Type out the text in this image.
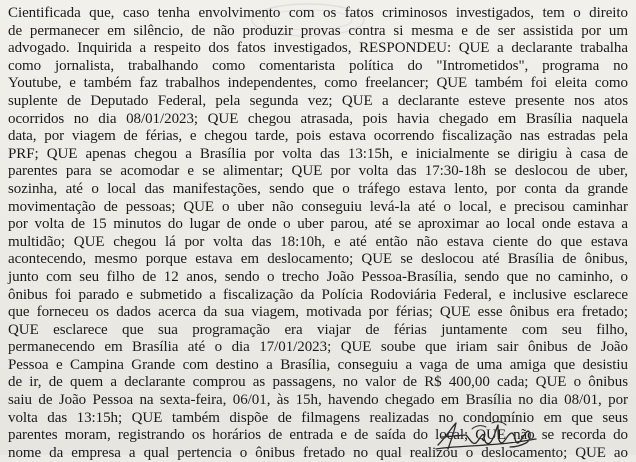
Cientificada que, caso tenha envolvimento com os fatos criminosos investigados, tem o direito
de permanecer em silêncio, de não produzir provas contra si mesma e de ser assistida por um
advogado. Inquirida a respeito dos fatos investigados, RESPONDEU: QUE a declarante trabalha
como jornalista, trabalhando como comentarista política do "Intrometidos", programa no
Youtube, e também faz trabalhos independentes, como freelancer; QUE também foi eleita como
suplente de Deputado Federal, pela segunda vez; QUE a declarante esteve presente nos atos
ocorridos no dia 08/01/2023; QUE chegou atrasada, pois havia chegado em Brasília naquela
data, por viagem de férias, e chegou tarde, pois estava ocorrendo fiscalização nas estradas pela
PRF; QUE apenas chegou a Brasília por volta das 13:15h, e inicialmente se dirigiu à casa de
parentes para se acomodar e se alimentar; QUE por volta das 17:30-18h se deslocou de uber,
sozinha, até o local das manifestações, sendo que o tráfego estava lento, por conta da grande
movimentação de pessoas; QUE o uber não conseguiu levá-la até o local, e precisou caminhar
por volta de 15 minutos do lugar de onde o uber parou, até se aproximar ao local onde estava a
multidão; QUE chegou lá por volta das 18:10h, e até então não estava ciente do que estava
acontecendo, mesmo porque estava em deslocamento; QUE se deslocou até Brasília de ônibus,
junto com seu filho de 12 anos, sendo o trecho João Pessoa-Brasília, sendo que no caminho, o
ônibus foi parado e submetido a fiscalização da Polícia Rodoviária Federal, e inclusive esclarece
que forneceu os dados acerca da sua viagem, motivada por férias; QUE esse ônibus era fretado;
QUE esclarece que sua programação era viajar de férias juntamente com seu filho,
permanecendo em Brasília até o dia 17/01/2023; QUE soube que iriam sair ônibus de João
Pessoa e Campina Grande com destino a Brasília, conseguiu a vaga de uma amiga que desistiu
de ir, de quem a declarante comprou as passagens, no valor de R$ 400,00 cada; QUE o ônibus
saiu de João Pessoa na sexta-feira, 06/01, às 15h, havendo chegado em Brasília no dia 08/01, por
volta das 13:15h; QUE também dispõe de filmagens realizadas no condomínio em que seus
parentes moram, registrando os horários de entrada e de saída do local; QUE não se recorda do
nome da empresa a qual pertencia o ônibus fretado no qual realizou o deslocamento; QUE ao
